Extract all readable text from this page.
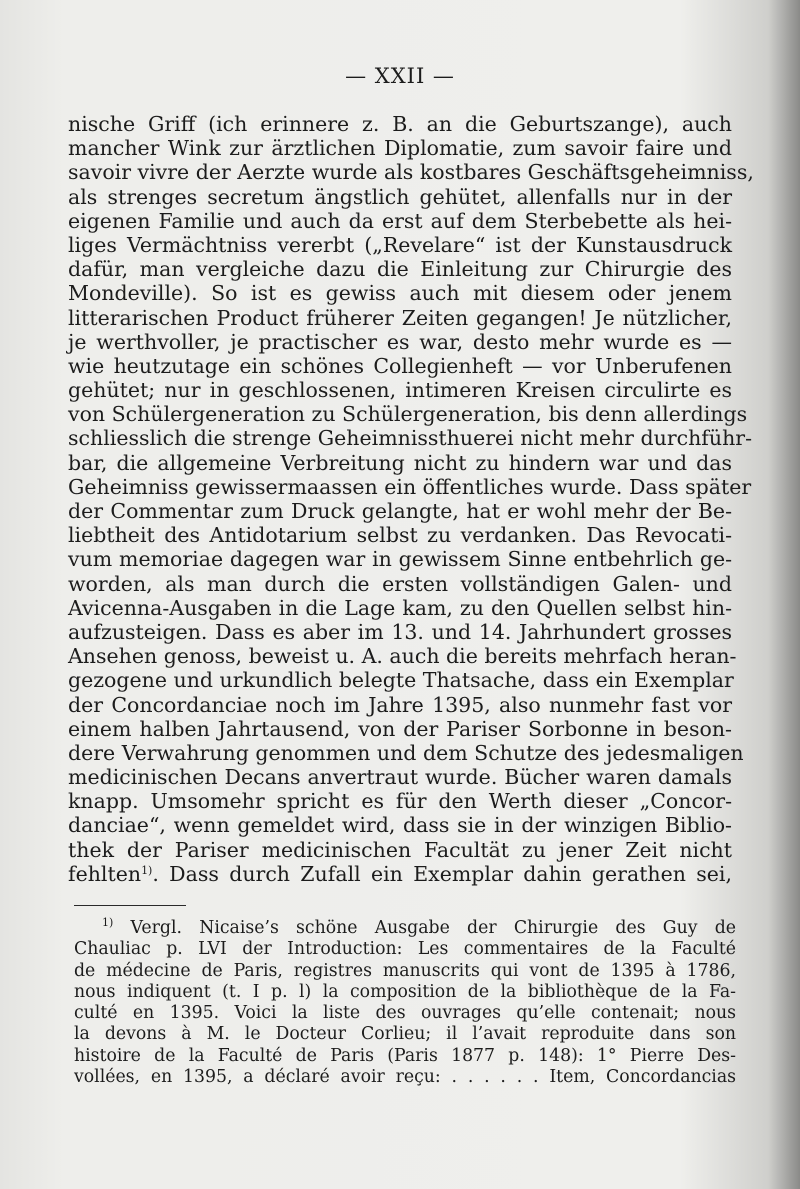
— XXII —
nische Griff (ich erinnere z. B. an die Geburtszange), auch
mancher Wink zur ärztlichen Diplomatie, zum savoir faire und
savoir vivre der Aerzte wurde als kostbares Geschäftsgeheimniss,
als strenges secretum ängstlich gehütet, allenfalls nur in der
eigenen Familie und auch da erst auf dem Sterbebette als hei-
liges Vermächtniss vererbt („Revelare“ ist der Kunstausdruck
dafür, man vergleiche dazu die Einleitung zur Chirurgie des
Mondeville). So ist es gewiss auch mit diesem oder jenem
litterarischen Product früherer Zeiten gegangen! Je nützlicher,
je werthvoller, je practischer es war, desto mehr wurde es —
wie heutzutage ein schönes Collegienheft — vor Unberufenen
gehütet; nur in geschlossenen, intimeren Kreisen circulirte es
von Schülergeneration zu Schülergeneration, bis denn allerdings
schliesslich die strenge Geheimnissthuerei nicht mehr durchführ-
bar, die allgemeine Verbreitung nicht zu hindern war und das
Geheimniss gewissermaassen ein öffentliches wurde. Dass später
der Commentar zum Druck gelangte, hat er wohl mehr der Be-
liebtheit des Antidotarium selbst zu verdanken. Das Revocati-
vum memoriae dagegen war in gewissem Sinne entbehrlich ge-
worden, als man durch die ersten vollständigen Galen- und
Avicenna-Ausgaben in die Lage kam, zu den Quellen selbst hin-
aufzusteigen. Dass es aber im 13. und 14. Jahrhundert grosses
Ansehen genoss, beweist u. A. auch die bereits mehrfach heran-
gezogene und urkundlich belegte Thatsache, dass ein Exemplar
der Concordanciae noch im Jahre 1395, also nunmehr fast vor
einem halben Jahrtausend, von der Pariser Sorbonne in beson-
dere Verwahrung genommen und dem Schutze des jedesmaligen
medicinischen Decans anvertraut wurde. Bücher waren damals
knapp. Umsomehr spricht es für den Werth dieser „Concor-
danciae“, wenn gemeldet wird, dass sie in der winzigen Biblio-
thek der Pariser medicinischen Facultät zu jener Zeit nicht
fehlten$^{1)}$. Dass durch Zufall ein Exemplar dahin gerathen sei,
$^{1)}$ Vergl. Nicaise’s schöne Ausgabe der Chirurgie des Guy de
Chauliac p. LVI der Introduction: Les commentaires de la Faculté
de médecine de Paris, registres manuscrits qui vont de 1395 à 1786,
nous indiquent (t. I p. l) la composition de la bibliothèque de la Fa-
culté en 1395. Voici la liste des ouvrages qu’elle contenait; nous
la devons à M. le Docteur Corlieu; il l’avait reproduite dans son
histoire de la Faculté de Paris (Paris 1877 p. 148): 1° Pierre Des-
vollées, en 1395, a déclaré avoir reçu: . . . . . . Item, Concordancias
